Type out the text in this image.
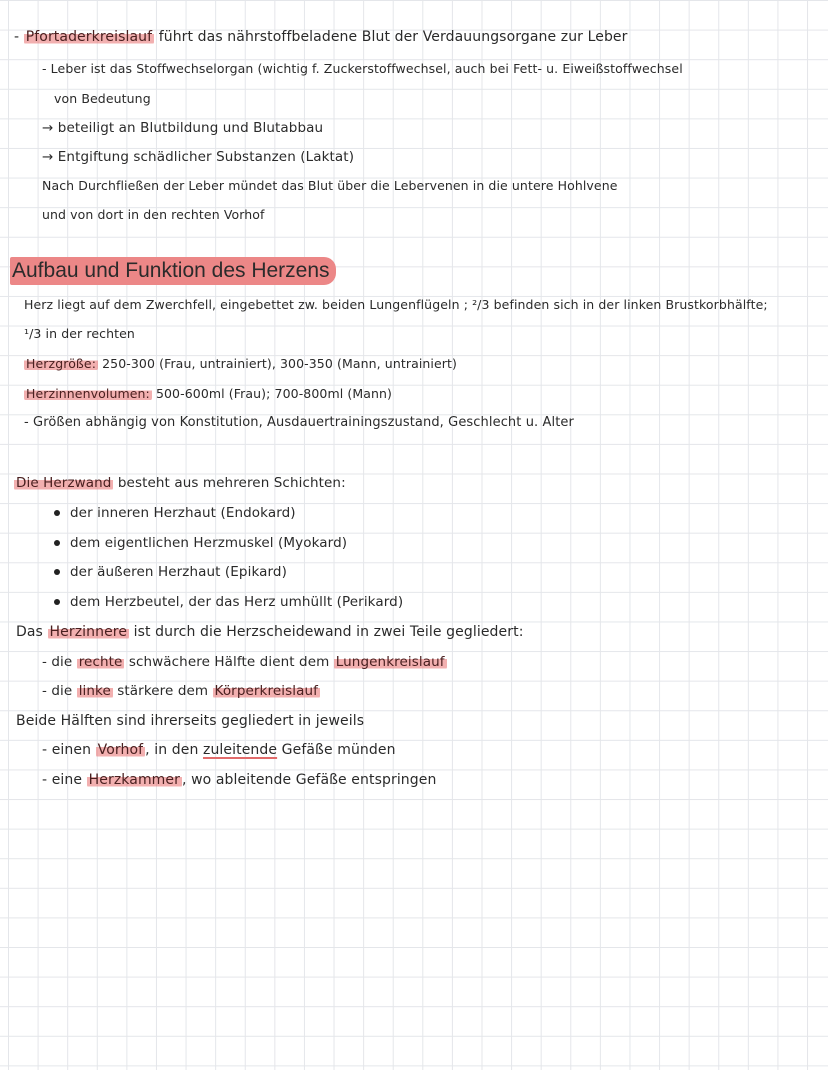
- Pfortaderkreislauf führt das nährstoffbeladene Blut der Verdauungsorgane zur Leber
- Leber ist das Stoffwechselorgan (wichtig f. Zuckerstoffwechsel, auch bei Fett- u. Eiweißstoffwechsel
von Bedeutung
→ beteiligt an Blutbildung und Blutabbau
→ Entgiftung schädlicher Substanzen (Laktat)
Nach Durchfließen der Leber mündet das Blut über die Lebervenen in die untere Hohlvene
und von dort in den rechten Vorhof
Aufbau und Funktion des Herzens
Herz liegt auf dem Zwerchfell, eingebettet zw. beiden Lungenflügeln ; ²/3 befinden sich in der linken Brustkorbhälfte;
¹/3 in der rechten
Herzgröße: 250-300 (Frau, untrainiert), 300-350 (Mann, untrainiert)
Herzinnenvolumen: 500-600ml (Frau); 700-800ml (Mann)
- Größen abhängig von Konstitution, Ausdauertrainingszustand, Geschlecht u. Alter
Die Herzwand besteht aus mehreren Schichten:
der inneren Herzhaut (Endokard)
dem eigentlichen Herzmuskel (Myokard)
der äußeren Herzhaut (Epikard)
dem Herzbeutel, der das Herz umhüllt (Perikard)
Das Herzinnere ist durch die Herzscheidewand in zwei Teile gegliedert:
- die rechte schwächere Hälfte dient dem Lungenkreislauf
- die linke stärkere dem Körperkreislauf
Beide Hälften sind ihrerseits gegliedert in jeweils
- einen Vorhof , in den zuleitende Gefäße münden
- eine Herzkammer , wo ableitende Gefäße entspringen
